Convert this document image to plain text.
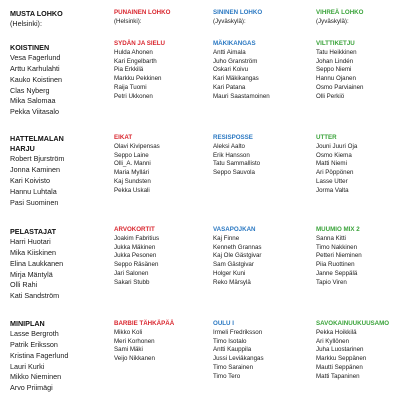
MUSTA LOHKO
(Helsinki):
KOISTINEN
Vesa Fagerlund
Arttu Karhulahti
Kauko Koistinen
Clas Nyberg
Mika Salomaa
Pekka Viitasalo
HATTELMALAN HARJU
Robert Bjurström
Jonna Kaminen
Kari Koivisto
Hannu Luhtala
Pasi Suominen
PELASTAJAT
Harri Huotari
Mika Kiiskinen
Elina Laukkanen
Mirja Mäntylä
Olli Rahi
Kati Sandström
MINIPLAN
Lasse Bergroth
Patrik Eriksson
Kristina Fagerlund
Lauri Kurki
Mikko Nieminen
Arvo Priimägi
PUNAINEN LOHKO
(Helsinki):
SYDÄN JA SIELU
Hulda Ahonen
Kari Engelbarth
Pia Erkkilä
Markku Pekkinen
Raija Tuomi
Petri Ukkonen
EIKAT
Olavi Kivipensas
Seppo Laine
Olli_A. Manni
Maria Myllári
Kaj Sundsten
Pekka Uskali
ARVOKORTIT
Joakim Fabritius
Jukka Mäkinen
Jukka Pesonen
Seppo Räsänen
Jari Salonen
Sakari Stubb
BARBIE TÄHKÄPÄÄ
Mikko Koli
Meri Korhonen
Sami Mäki
Veijo Nikkanen
SININEN LOHKO
(Jyväskylä):
MÄKIKANGAS
Antti Aimala
Juho Granström
Oskari Koivu
Kari Mäkikangas
Kari Patana
Mauri Saastamoinen
RESISPOSSE
Aleksi Aalto
Erik Hansson
Tatu Sammallisto
Seppo Sauvola
VASAPOJKAN
Kaj Finne
Kenneth Grannas
Kaj Ole Gästgivar
Sam Gästgivar
Holger Kuni
Reko Märsylä
OULU I
Irmeli Fredriksson
Timo Isotalo
Antti Kauppila
Jussi Leviäkangas
Timo Sarainen
Timo Tero
VIHREÄ LOHKO
(Jyväskylä):
VILTTIKETJU
Tatu Heikkinen
Johan Lindén
Seppo Niemi
Hannu Ojanen
Osmo Parviainen
Olli Perkiö
UTTER
Jouni Juuri Oja
Osmo Kiema
Matti Niemi
Ari Pöppönen
Lasse Utter
Jorma Valta
MUUMIO MIX 2
Sanna Kitti
Timo Nakkinen
Petteri Nieminen
Piia Ruottinen
Janne Seppälä
Tapio Viren
SAVOKAINUUKUUSAMO
Pekka Hoikkilä
Ari Kyllönen
Juha Luostarinen
Markku Seppänen
Mautti Seppänen
Matti Tapaninen
